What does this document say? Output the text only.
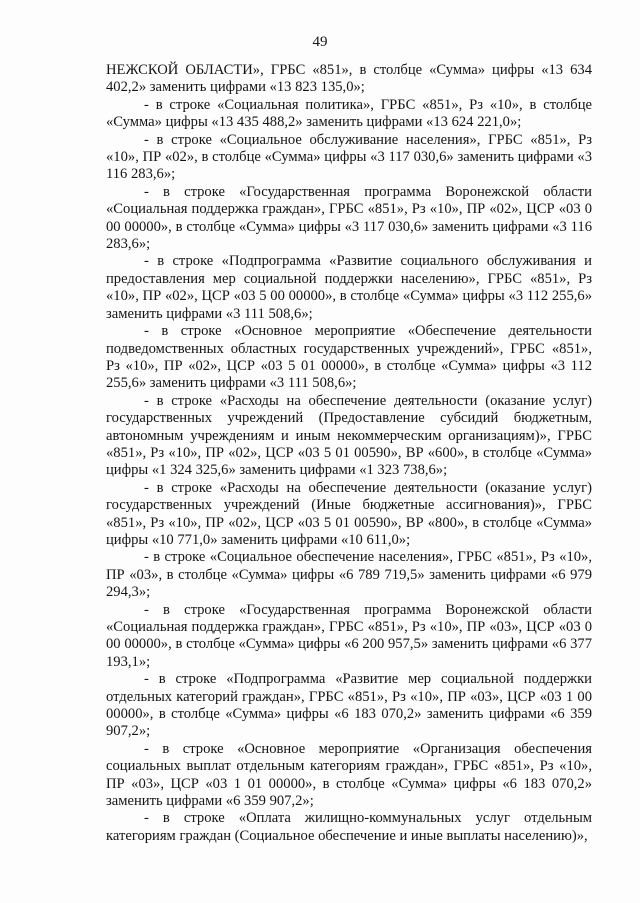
49

НЕЖСКОЙ ОБЛАСТИ», ГРБС «851», в столбце «Сумма» цифры «13 634 402,2» заменить цифрами «13 823 135,0»;

- в строке «Социальная политика», ГРБС «851», Рз «10», в столбце «Сумма» цифры «13 435 488,2» заменить цифрами «13 624 221,0»;

- в строке «Социальное обслуживание населения», ГРБС «851», Рз «10», ПР «02», в столбце «Сумма» цифры «3 117 030,6» заменить цифрами «3 116 283,6»;

- в строке «Государственная программа Воронежской области «Социальная поддержка граждан», ГРБС «851», Рз «10», ПР «02», ЦСР «03 0 00 00000», в столбце «Сумма» цифры «3 117 030,6» заменить цифрами «3 116 283,6»;

- в строке «Подпрограмма «Развитие социального обслуживания и предоставления мер социальной поддержки населению», ГРБС «851», Рз «10», ПР «02», ЦСР «03 5 00 00000», в столбце «Сумма» цифры «3 112 255,6» заменить цифрами «3 111 508,6»;

- в строке «Основное мероприятие «Обеспечение деятельности подведомственных областных государственных учреждений», ГРБС «851», Рз «10», ПР «02», ЦСР «03 5 01 00000», в столбце «Сумма» цифры «3 112 255,6» заменить цифрами «3 111 508,6»;

- в строке «Расходы на обеспечение деятельности (оказание услуг) государственных учреждений (Предоставление субсидий бюджетным, автономным учреждениям и иным некоммерческим организациям)», ГРБС «851», Рз «10», ПР «02», ЦСР «03 5 01 00590», ВР «600», в столбце «Сумма» цифры «1 324 325,6» заменить цифрами «1 323 738,6»;

- в строке «Расходы на обеспечение деятельности (оказание услуг) государственных учреждений (Иные бюджетные ассигнования)», ГРБС «851», Рз «10», ПР «02», ЦСР «03 5 01 00590», ВР «800», в столбце «Сумма» цифры «10 771,0» заменить цифрами «10 611,0»;

- в строке «Социальное обеспечение населения», ГРБС «851», Рз «10», ПР «03», в столбце «Сумма» цифры «6 789 719,5» заменить цифрами «6 979 294,3»;

- в строке «Государственная программа Воронежской области «Социальная поддержка граждан», ГРБС «851», Рз «10», ПР «03», ЦСР «03 0 00 00000», в столбце «Сумма» цифры «6 200 957,5» заменить цифрами «6 377 193,1»;

- в строке «Подпрограмма «Развитие мер социальной поддержки отдельных категорий граждан», ГРБС «851», Рз «10», ПР «03», ЦСР «03 1 00 00000», в столбце «Сумма» цифры «6 183 070,2» заменить цифрами «6 359 907,2»;

- в строке «Основное мероприятие «Организация обеспечения социальных выплат отдельным категориям граждан», ГРБС «851», Рз «10», ПР «03», ЦСР «03 1 01 00000», в столбце «Сумма» цифры «6 183 070,2» заменить цифрами «6 359 907,2»;

- в строке «Оплата жилищно-коммунальных услуг отдельным категориям граждан (Социальное обеспечение и иные выплаты населению)»,
